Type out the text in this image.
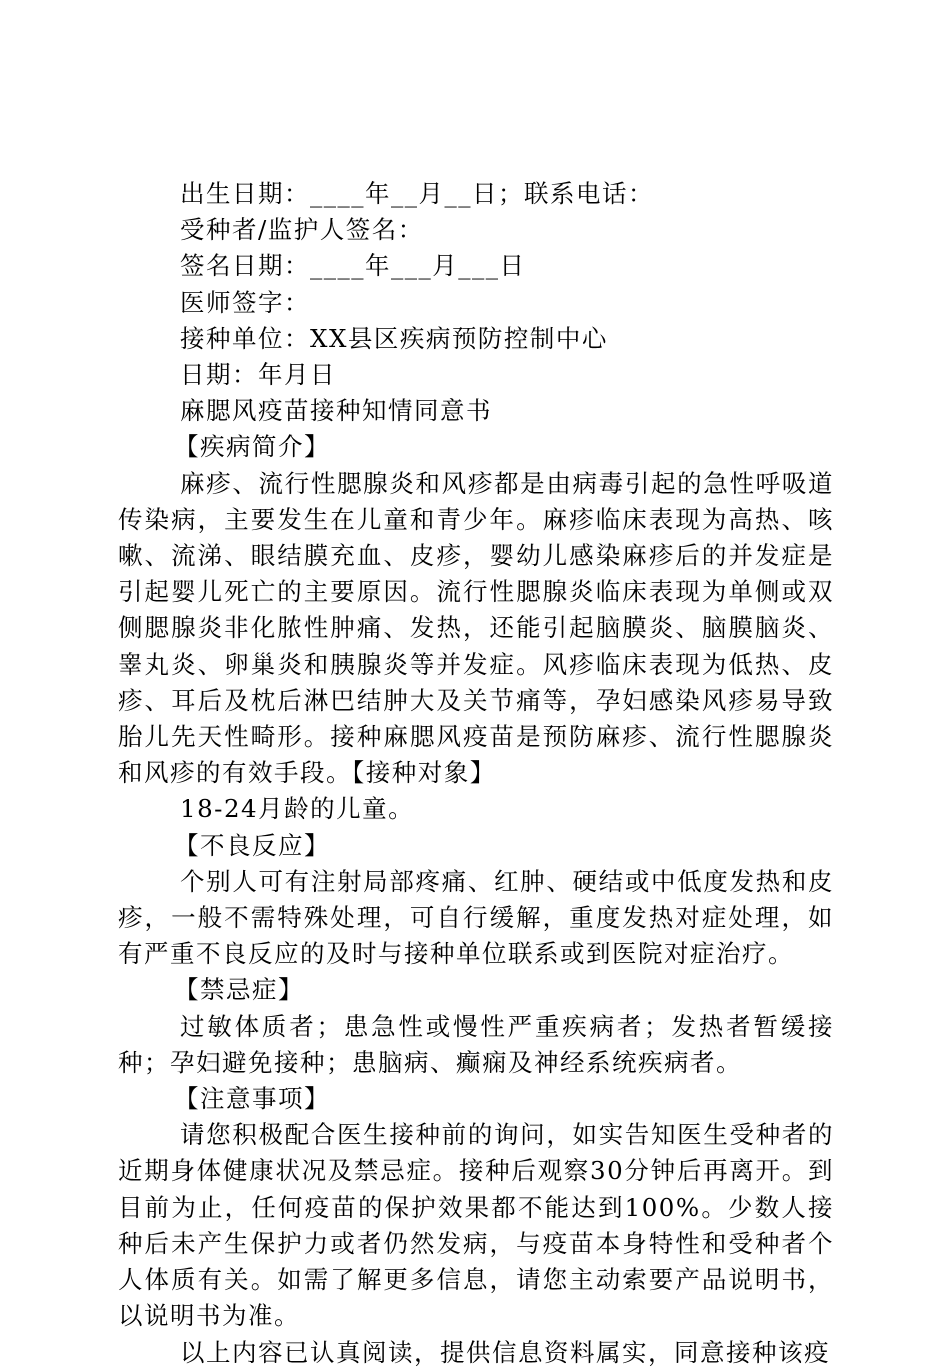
出生日期：____年__月__日；联系电话：
受种者/监护人签名：
签名日期：____年___月___日
医师签字：
接种单位：XX县区疾病预防控制中心
日期：年月日
麻腮风疫苗接种知情同意书
【疾病简介】

麻疹、流行性腮腺炎和风疹都是由病毒引起的急性呼吸道传染病，主要发生在儿童和青少年。麻疹临床表现为高热、咳嗽、流涕、眼结膜充血、皮疹，婴幼儿感染麻疹后的并发症是引起婴儿死亡的主要原因。流行性腮腺炎临床表现为单侧或双侧腮腺炎非化脓性肿痛、发热，还能引起脑膜炎、脑膜脑炎、睾丸炎、卵巢炎和胰腺炎等并发症。风疹临床表现为低热、皮疹、耳后及枕后淋巴结肿大及关节痛等，孕妇感染风疹易导致胎儿先天性畸形。接种麻腮风疫苗是预防麻疹、流行性腮腺炎和风疹的有效手段。【接种对象】

18-24月龄的儿童。
【不良反应】

个别人可有注射局部疼痛、红肿、硬结或中低度发热和皮疹，一般不需特殊处理，可自行缓解，重度发热对症处理，如有严重不良反应的及时与接种单位联系或到医院对症治疗。

【禁忌症】

过敏体质者；患急性或慢性严重疾病者；发热者暂缓接种；孕妇避免接种；患脑病、癫痫及神经系统疾病者。

【注意事项】

请您积极配合医生接种前的询问，如实告知医生受种者的近期身体健康状况及禁忌症。接种后观察30分钟后再离开。到目前为止，任何疫苗的保护效果都不能达到100%。少数人接种后未产生保护力或者仍然发病，与疫苗本身特性和受种者个人体质有关。如需了解更多信息，请您主动索要产品说明书，以说明书为准。

以上内容已认真阅读，提供信息资料属实，同意接种该疫
